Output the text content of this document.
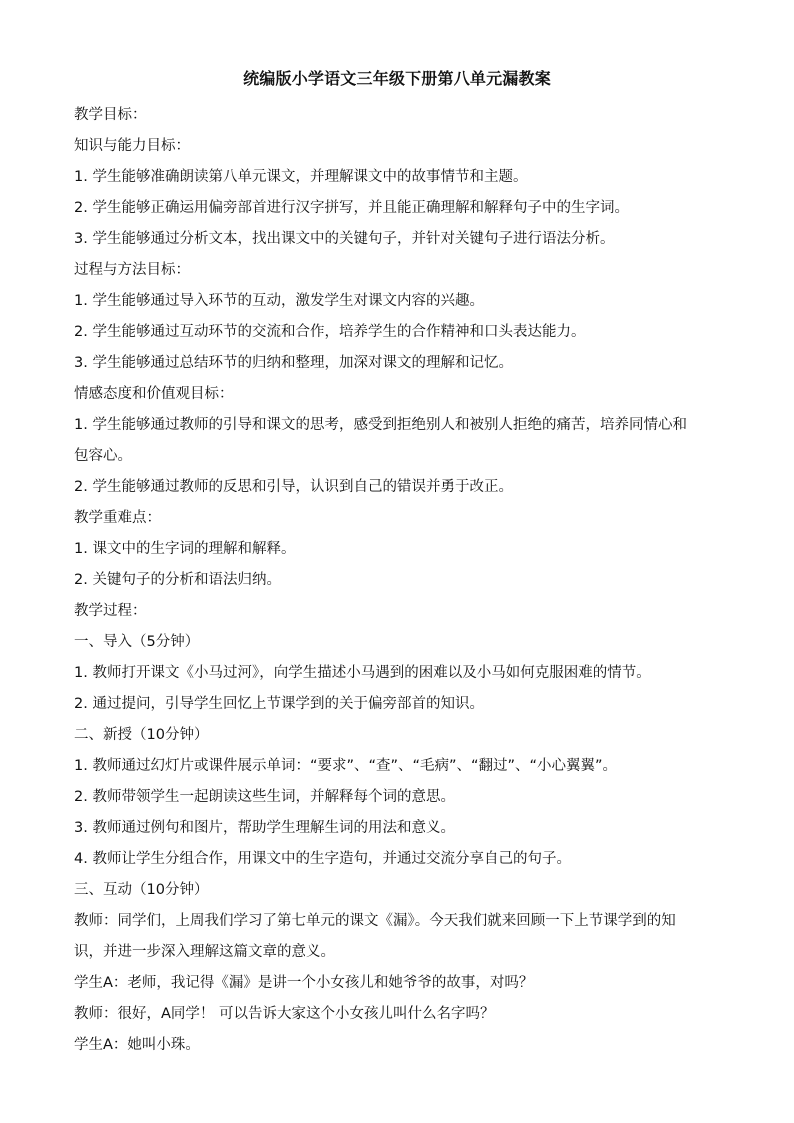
统编版小学语文三年级下册第八单元漏教案

教学目标：

知识与能力目标：

1. 学生能够准确朗读第八单元课文，并理解课文中的故事情节和主题。

2. 学生能够正确运用偏旁部首进行汉字拼写，并且能正确理解和解释句子中的生字词。

3. 学生能够通过分析文本，找出课文中的关键句子，并针对关键句子进行语法分析。

过程与方法目标：

1. 学生能够通过导入环节的互动，激发学生对课文内容的兴趣。

2. 学生能够通过互动环节的交流和合作，培养学生的合作精神和口头表达能力。

3. 学生能够通过总结环节的归纳和整理，加深对课文的理解和记忆。

情感态度和价值观目标：

1. 学生能够通过教师的引导和课文的思考，感受到拒绝别人和被别人拒绝的痛苦，培养同情心和

包容心。

2. 学生能够通过教师的反思和引导，认识到自己的错误并勇于改正。

教学重难点：

1. 课文中的生字词的理解和解释。

2. 关键句子的分析和语法归纳。

教学过程：

一、导入（5分钟）

1. 教师打开课文《小马过河》，向学生描述小马遇到的困难以及小马如何克服困难的情节。

2. 通过提问，引导学生回忆上节课学到的关于偏旁部首的知识。

二、新授（10分钟）

1. 教师通过幻灯片或课件展示单词：“要求”、“查”、“毛病”、“翻过”、“小心翼翼”。

2. 教师带领学生一起朗读这些生词，并解释每个词的意思。

3. 教师通过例句和图片，帮助学生理解生词的用法和意义。

4. 教师让学生分组合作，用课文中的生字造句，并通过交流分享自己的句子。

三、互动（10分钟）

教师：同学们，上周我们学习了第七单元的课文《漏》。今天我们就来回顾一下上节课学到的知

识，并进一步深入理解这篇文章的意义。

学生A：老师，我记得《漏》是讲一个小女孩儿和她爷爷的故事，对吗？

教师：很好，A同学！ 可以告诉大家这个小女孩儿叫什么名字吗？

学生A：她叫小珠。
